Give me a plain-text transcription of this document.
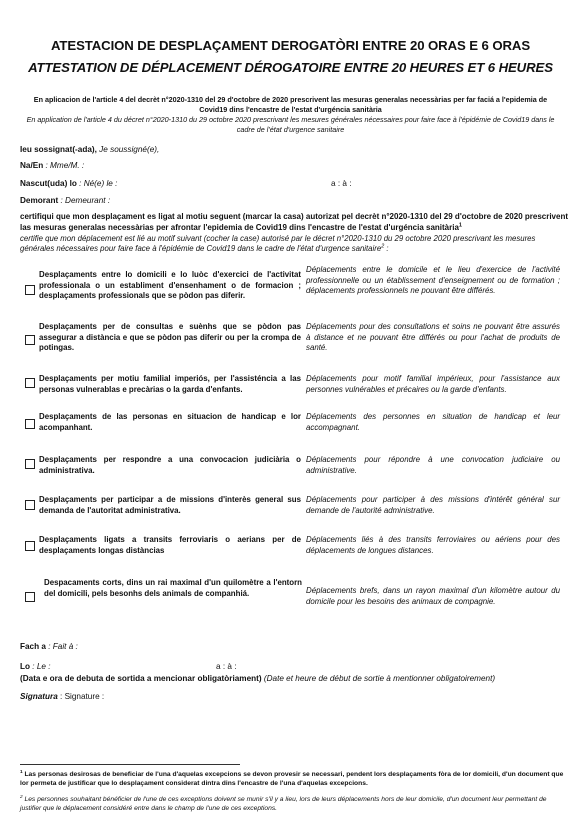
ATESTACION DE DESPLAÇAMENT DEROGATÒRI ENTRE 20 ORAS E 6 ORAS
ATTESTATION DE DÉPLACEMENT DÉROGATOIRE ENTRE 20 HEURES ET 6 HEURES
En aplicacion de l'article 4 del decrèt n°2020-1310 del 29 d'octobre de 2020 prescrivent las mesuras generalas necessàrias per far faciá a l'epidemia de Covid19 dins l'encastre de l'estat d'urgéncia sanitària
En application de l'article 4 du décret n°2020-1310 du 29 octobre 2020 prescrivant les mesures générales nécessaires pour faire face à l'épidémie de Covid19 dans le cadre de l'état d'urgence sanitaire
Ieu sossignat(-ada), Je soussigné(e),
Na/En : Mme/M. :
Nascut(uda) lo : Né(e) le :	a : à :
Demorant : Demeurant :
certifiqui que mon desplaçament es ligat al motiu seguent (marcar la casa) autorizat pel decrèt n°2020-1310 del 29 d'octobre de 2020 prescrivent las mesuras generalas necessàrias per afrontar l'epidemia de Covid19 dins l'encastre de l'estat d'urgéncia sanitària$^1$
certifie que mon déplacement est lié au motif suivant (cocher la case) autorisé par le décret n°2020-1310 du 29 octobre 2020 prescrivant les mesures générales nécessaires pour faire face à l'épidémie de Covid19 dans le cadre de l'état d'urgence sanitaire$^2$ :
Desplaçaments entre lo domicili e lo luòc d'exercici de l'activitat professionala o un establiment d'ensenhament o de formacion ; desplaçaments professionals que se pòdon pas diferir.
Déplacements entre le domicile et le lieu d'exercice de l'activité professionnelle ou un établissement d'enseignement ou de formation ; déplacements professionnels ne pouvant être différés.
Desplaçaments per de consultas e suènhs que se pòdon pas assegurar a distància e que se pòdon pas diferir ou per la crompa de potingas.
Déplacements pour des consultations et soins ne pouvant être assurés à distance et ne pouvant être différés ou pour l'achat de produits de santé.
Desplaçaments per motiu familial imperiós, per l'assisténcia a las personas vulnerablas e precàrias o la garda d'enfants.
Déplacements pour motif familial impérieux, pour l'assistance aux personnes vulnérables et précaires ou la garde d'enfants.
Desplaçaments de las personas en situacion de handicap e lor acompanhant.
Déplacements des personnes en situation de handicap et leur accompagnant.
Desplaçaments per respondre a una convocacion judiciària o administrativa.
Déplacements pour répondre à une convocation judiciaire ou administrative.
Desplaçaments per participar a de missions d'interès general sus demanda de l'autoritat administrativa.
Déplacements pour participer à des missions d'intérêt général sur demande de l'autorité administrative.
Desplaçaments ligats a transits ferroviaris o aerians per de desplaçaments longas distàncias
Déplacements liés à des transits ferroviaires ou aériens pour des déplacements de longues distances.
Despacaments corts, dins un rai maximal d'un quilomètre a l'entorn del domicili, pels besonhs dels animals de companhiá.	Déplacements brefs, dans un rayon maximal d'un kilomètre autour du domicile pour les besoins des animaux de compagnie.
Fach a : Fait à :
Lo : Le :	a : à :
(Data e ora de debuta de sortida a mencionar obligatòriament) (Date et heure de début de sortie à mentionner obligatoirement)
Signatura : Signature :
$^1$ Las personas desirosas de beneficiar de l'una d'aquelas excepcions se devon provesir se necessari, pendent lors desplaçaments fòra de lor domicili, d'un document que lor permeta de justificar que lo desplaçament considerat dintra dins l'encastre de l'una d'aquelas excepcions.
$^2$ Les personnes souhaitant bénéficier de l'une de ces exceptions doivent se munir s'il y a lieu, lors de leurs déplacements hors de leur domicile, d'un document leur permettant de justifier que le déplacement considéré entre dans le champ de l'une de ces exceptions.
